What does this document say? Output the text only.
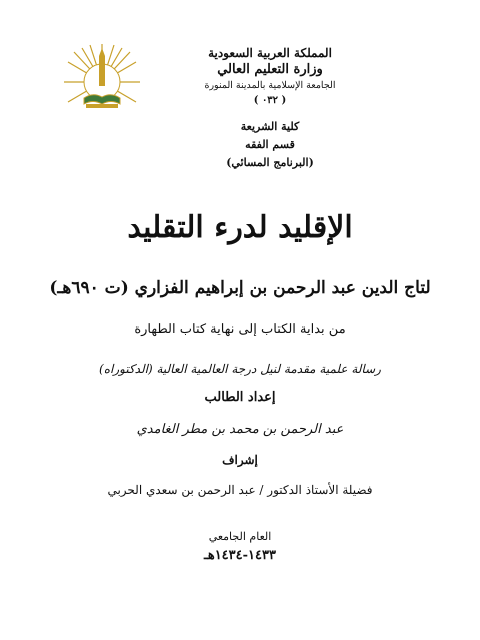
المملكة العربية السعودية
وزارة التعليم العالي
الجامعة الإسلامية بالمدينة المنورة
( ٠٣٢ )
كلية الشريعة
قسم الفقه
(البرنامج المسائي)
الإقليد لدرء التقليد
لتاج الدين عبد الرحمن بن إبراهيم الفزاري (ت ٦٩٠هـ)
من بداية الكتاب إلى نهاية كتاب الطهارة
رسالة علمية مقدمة لنيل درجة العالمية العالية (الدكتوراه)
إعداد الطالب
عبد الرحمن بن محمد بن مطر الغامدي
إشراف
فضيلة الأستاذ الدكتور / عبد الرحمن بن سعدي الحربي
العام الجامعي
١٤٣٣-١٤٣٤هـ
